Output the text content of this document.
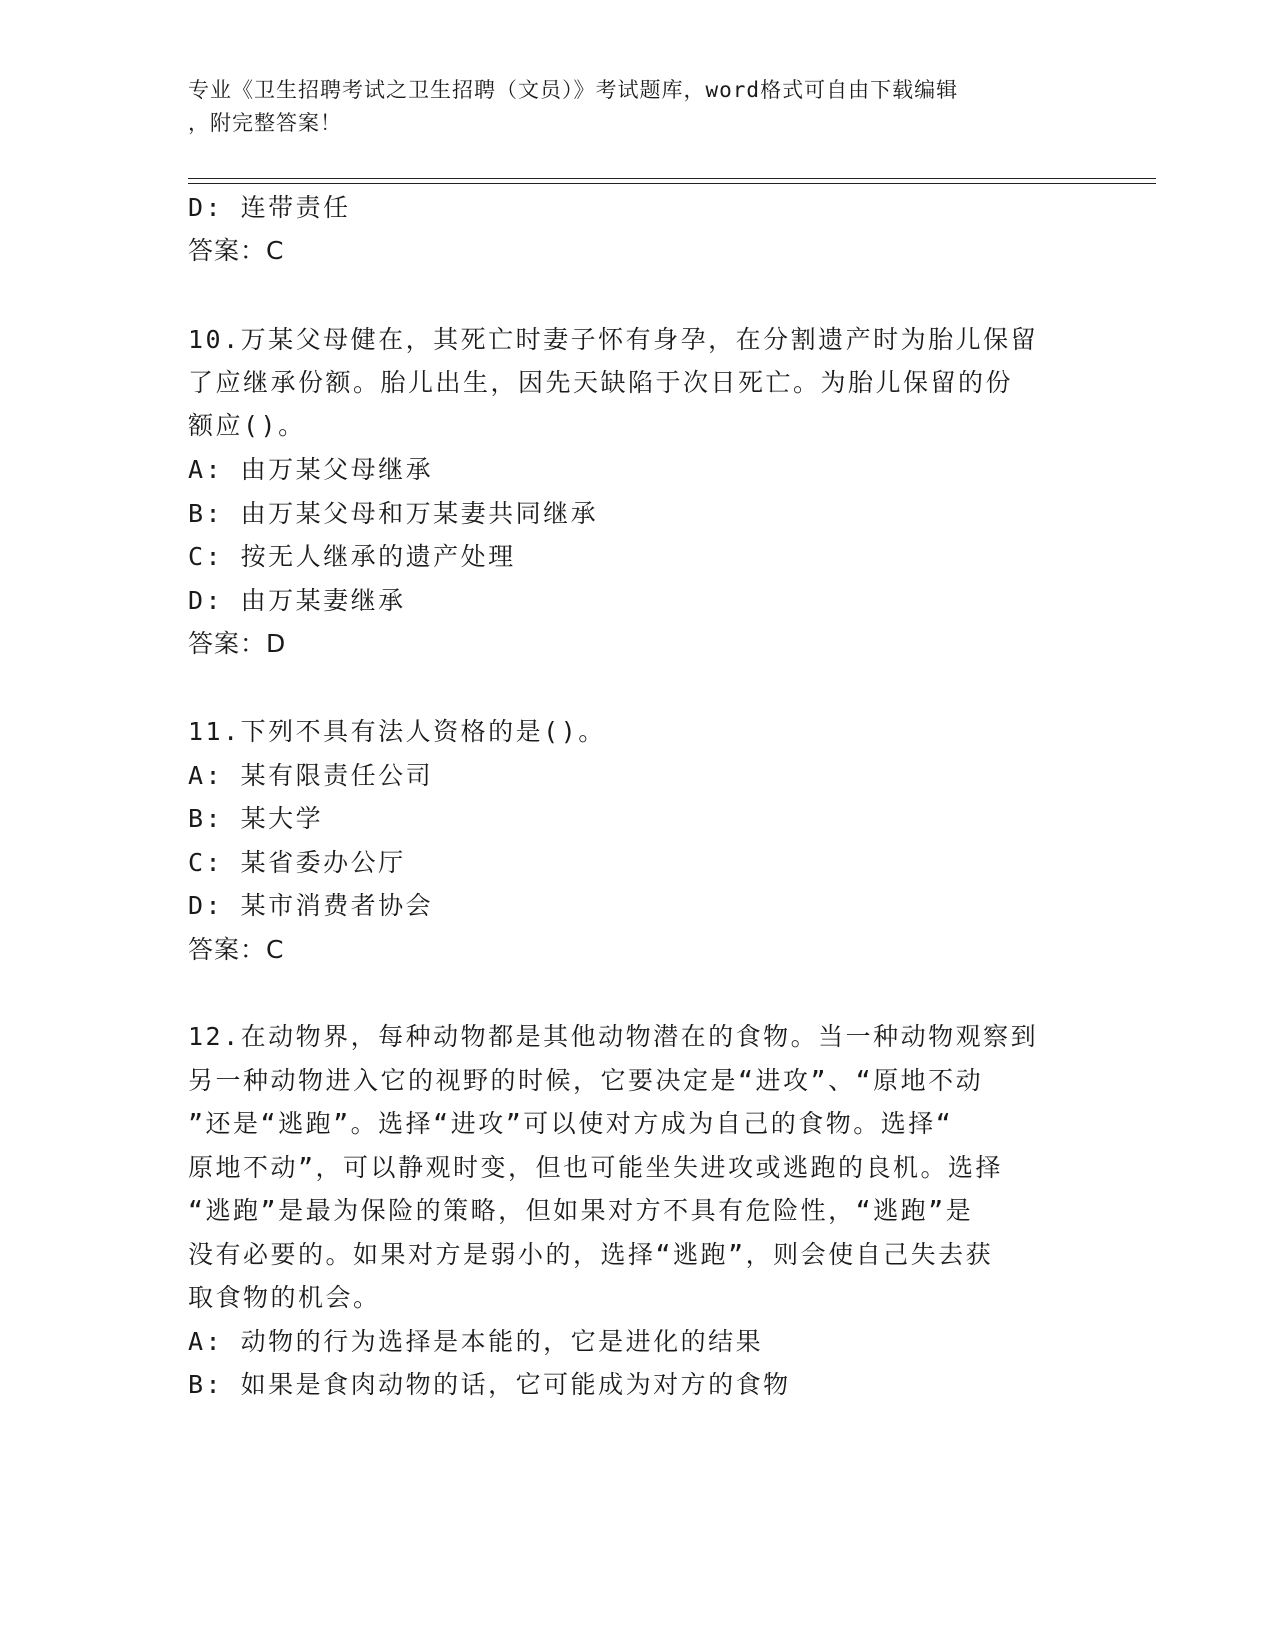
专业《卫生招聘考试之卫生招聘（文员）》考试题库，word格式可自由下载编辑
，附完整答案！
D: 连带责任
答案：C
10.万某父母健在，其死亡时妻子怀有身孕，在分割遗产时为胎儿保留
了应继承份额。胎儿出生，因先天缺陷于次日死亡。为胎儿保留的份
额应()。
A: 由万某父母继承
B: 由万某父母和万某妻共同继承
C: 按无人继承的遗产处理
D: 由万某妻继承
答案：D
11.下列不具有法人资格的是()。
A: 某有限责任公司
B: 某大学
C: 某省委办公厅
D: 某市消费者协会
答案：C
12.在动物界，每种动物都是其他动物潜在的食物。当一种动物观察到
另一种动物进入它的视野的时候，它要决定是“进攻”、“原地不动
”还是“逃跑”。选择“进攻”可以使对方成为自己的食物。选择“
原地不动”，可以静观时变，但也可能坐失进攻或逃跑的良机。选择
“逃跑”是最为保险的策略，但如果对方不具有危险性，“逃跑”是
没有必要的。如果对方是弱小的，选择“逃跑”，则会使自己失去获
取食物的机会。
A: 动物的行为选择是本能的，它是进化的结果
B: 如果是食肉动物的话，它可能成为对方的食物
